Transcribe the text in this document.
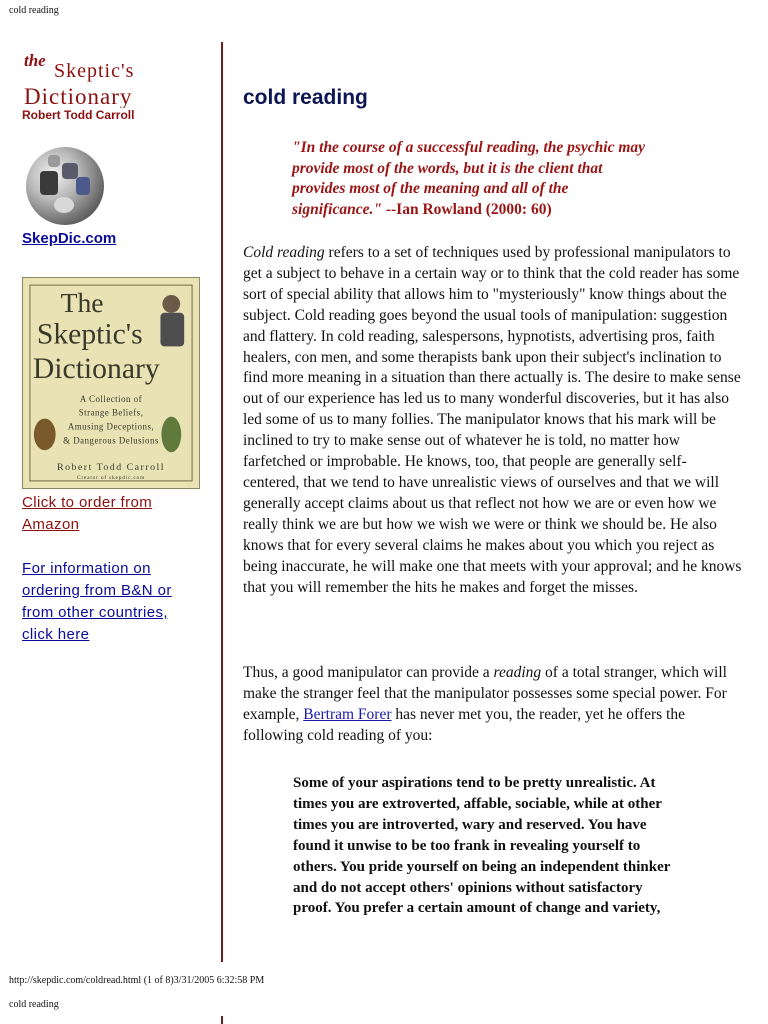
cold reading
the Skeptic's
Dictionary
Robert Todd Carroll
SkepDic.com
The
Skeptic's
Dictionary
A Collection of
Strange Beliefs,
Amusing Deceptions,
& Dangerous Delusions
Robert Todd Carroll
Creator of skepdic.com
Click to order from
Amazon
For information on
ordering from B&N or
from other countries,
click here
cold reading
"In the course of a successful reading, the psychic may
provide most of the words, but it is the client that
provides most of the meaning and all of the
significance." --Ian Rowland (2000: 60)
Cold reading refers to a set of techniques used by professional manipulators to get a subject to behave in a certain way or to think that the cold reader has some sort of special ability that allows him to "mysteriously" know things about the subject. Cold reading goes beyond the usual tools of manipulation: suggestion and flattery. In cold reading, salespersons, hypnotists, advertising pros, faith healers, con men, and some therapists bank upon their subject's inclination to find more meaning in a situation than there actually is. The desire to make sense out of our experience has led us to many wonderful discoveries, but it has also led some of us to many follies. The manipulator knows that his mark will be inclined to try to make sense out of whatever he is told, no matter how farfetched or improbable. He knows, too, that people are generally self-centered, that we tend to have unrealistic views of ourselves and that we will generally accept claims about us that reflect not how we are or even how we really think we are but how we wish we were or think we should be. He also knows that for every several claims he makes about you which you reject as being inaccurate, he will make one that meets with your approval; and he knows that you will remember the hits he makes and forget the misses.
Thus, a good manipulator can provide a reading of a total stranger, which will make the stranger feel that the manipulator possesses some special power. For example, Bertram Forer has never met you, the reader, yet he offers the following cold reading of you:
Some of your aspirations tend to be pretty unrealistic. At times you are extroverted, affable, sociable, while at other times you are introverted, wary and reserved. You have found it unwise to be too frank in revealing yourself to others. You pride yourself on being an independent thinker and do not accept others' opinions without satisfactory proof. You prefer a certain amount of change and variety,
http://skepdic.com/coldread.html (1 of 8)3/31/2005 6:32:58 PM
cold reading
